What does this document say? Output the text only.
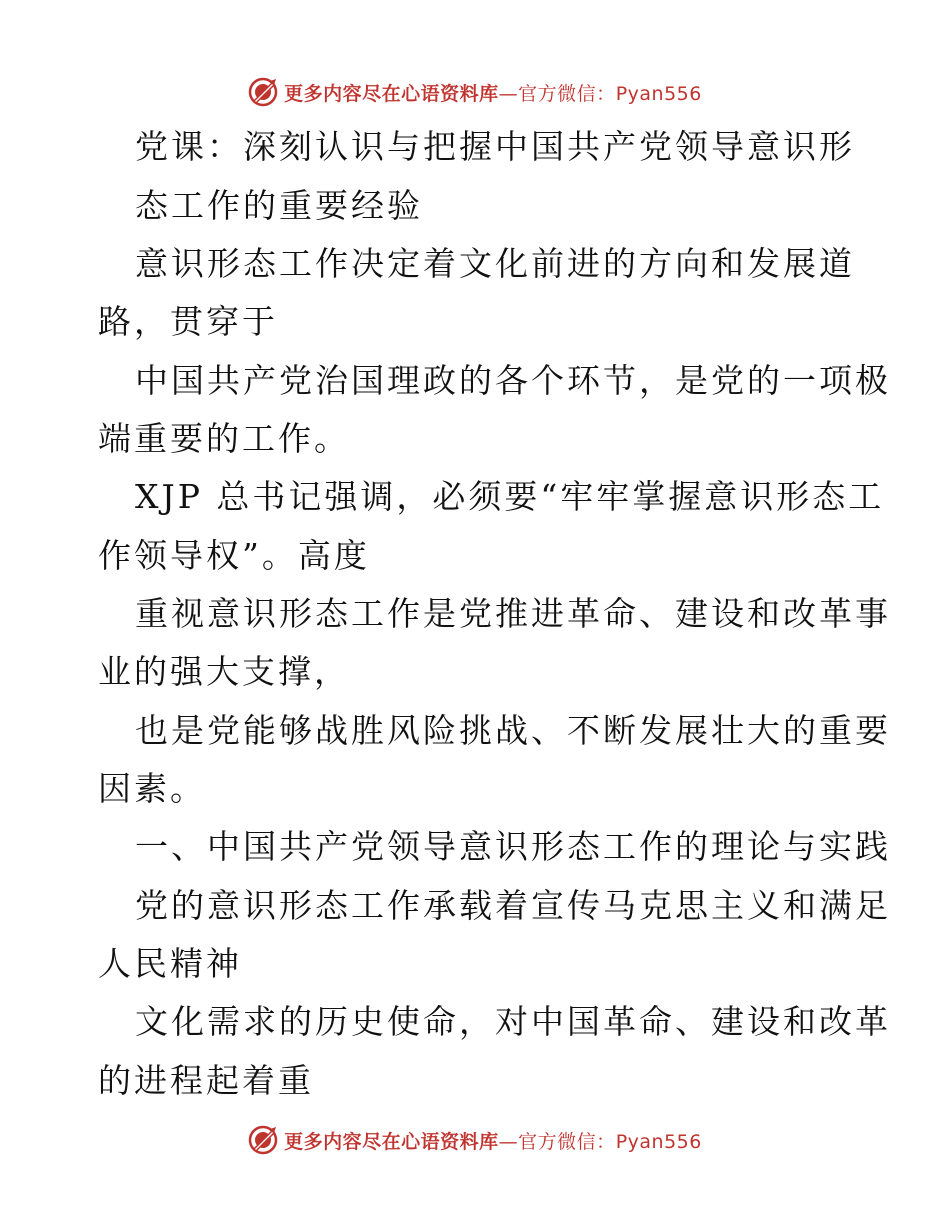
更多内容尽在心语资料库—官方微信：Pyan556
党课：深刻认识与把握中国共产党领导意识形
态工作的重要经验
意识形态工作决定着文化前进的方向和发展道
路，贯穿于
中国共产党治国理政的各个环节，是党的一项极
端重要的工作。
XJP 总书记强调，必须要“牢牢掌握意识形态工
作领导权”。高度
重视意识形态工作是党推进革命、建设和改革事
业的强大支撑，
也是党能够战胜风险挑战、不断发展壮大的重要
因素。
一、中国共产党领导意识形态工作的理论与实践
党的意识形态工作承载着宣传马克思主义和满足
人民精神
文化需求的历史使命，对中国革命、建设和改革
的进程起着重
更多内容尽在心语资料库—官方微信：Pyan556
